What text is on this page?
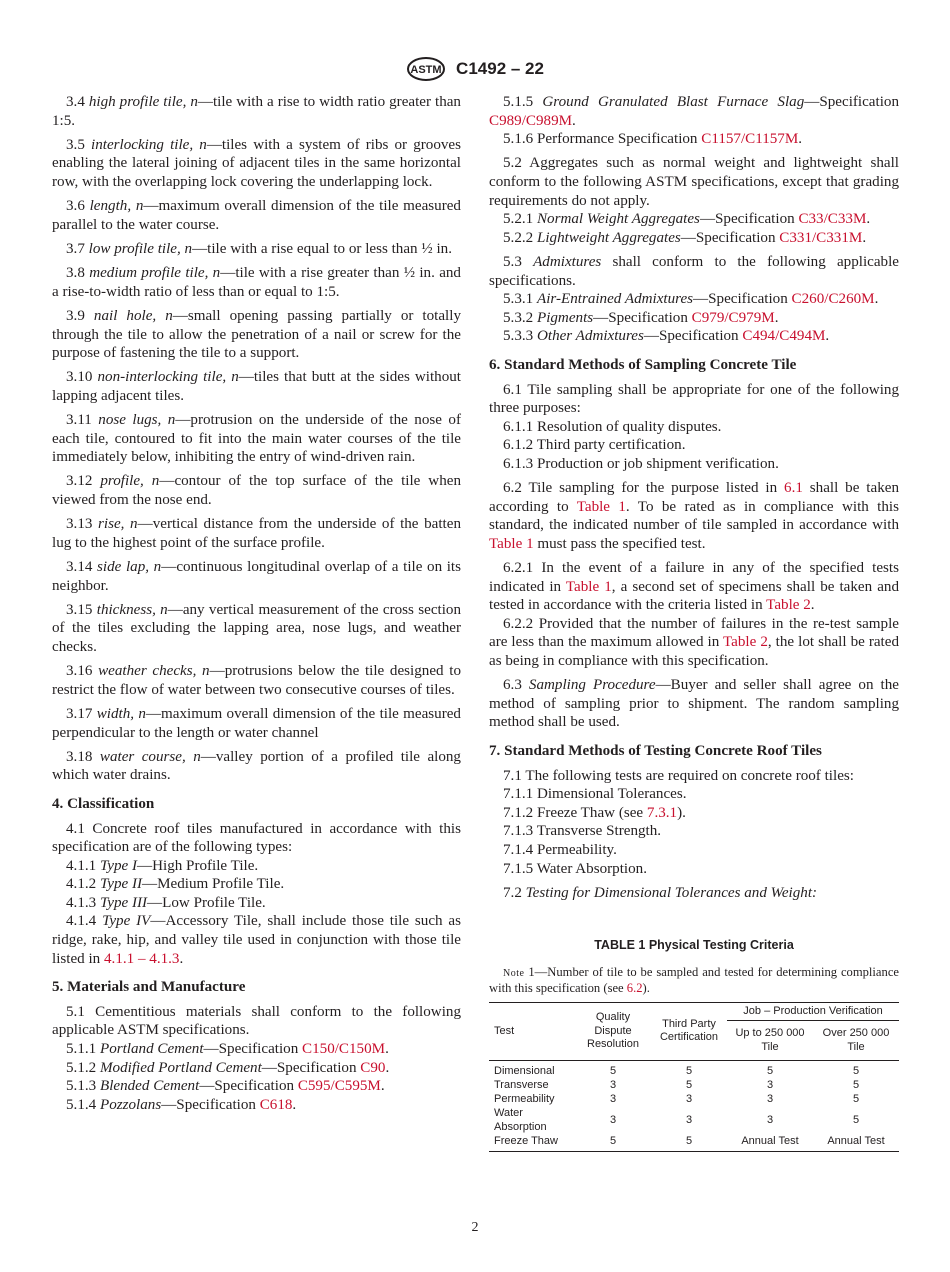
ASTM C1492 – 22

3.4 high profile tile, n—tile with a rise to width ratio greater than 1:5.

3.5 interlocking tile, n—tiles with a system of ribs or grooves enabling the lateral joining of adjacent tiles in the same horizontal row, with the overlapping lock covering the underlapping lock.

3.6 length, n—maximum overall dimension of the tile measured parallel to the water course.

3.7 low profile tile, n—tile with a rise equal to or less than ½ in.

3.8 medium profile tile, n—tile with a rise greater than ½ in. and a rise-to-width ratio of less than or equal to 1:5.

3.9 nail hole, n—small opening passing partially or totally through the tile to allow the penetration of a nail or screw for the purpose of fastening the tile to a support.

3.10 non-interlocking tile, n—tiles that butt at the sides without lapping adjacent tiles.

3.11 nose lugs, n—protrusion on the underside of the nose of each tile, contoured to fit into the main water courses of the tile immediately below, inhibiting the entry of wind-driven rain.

3.12 profile, n—contour of the top surface of the tile when viewed from the nose end.

3.13 rise, n—vertical distance from the underside of the batten lug to the highest point of the surface profile.

3.14 side lap, n—continuous longitudinal overlap of a tile on its neighbor.

3.15 thickness, n—any vertical measurement of the cross section of the tiles excluding the lapping area, nose lugs, and weather checks.

3.16 weather checks, n—protrusions below the tile designed to restrict the flow of water between two consecutive courses of tiles.

3.17 width, n—maximum overall dimension of the tile measured perpendicular to the length or water channel

3.18 water course, n—valley portion of a profiled tile along which water drains.

4. Classification

4.1 Concrete roof tiles manufactured in accordance with this specification are of the following types:

4.1.1 Type I—High Profile Tile.

4.1.2 Type II—Medium Profile Tile.

4.1.3 Type III—Low Profile Tile.

4.1.4 Type IV—Accessory Tile, shall include those tile such as ridge, rake, hip, and valley tile used in conjunction with those tile listed in 4.1.1 – 4.1.3.

5. Materials and Manufacture

5.1 Cementitious materials shall conform to the following applicable ASTM specifications.

5.1.1 Portland Cement—Specification C150/C150M.

5.1.2 Modified Portland Cement—Specification C90.

5.1.3 Blended Cement—Specification C595/C595M.

5.1.4 Pozzolans—Specification C618.

5.1.5 Ground Granulated Blast Furnace Slag—Specification C989/C989M.

5.1.6 Performance Specification C1157/C1157M.

5.2 Aggregates such as normal weight and lightweight shall conform to the following ASTM specifications, except that grading requirements do not apply.

5.2.1 Normal Weight Aggregates—Specification C33/C33M.

5.2.2 Lightweight Aggregates—Specification C331/C331M.

5.3 Admixtures shall conform to the following applicable specifications.

5.3.1 Air-Entrained Admixtures—Specification C260/C260M.

5.3.2 Pigments—Specification C979/C979M.

5.3.3 Other Admixtures—Specification C494/C494M.

6. Standard Methods of Sampling Concrete Tile

6.1 Tile sampling shall be appropriate for one of the following three purposes:

6.1.1 Resolution of quality disputes.

6.1.2 Third party certification.

6.1.3 Production or job shipment verification.

6.2 Tile sampling for the purpose listed in 6.1 shall be taken according to Table 1. To be rated as in compliance with this standard, the indicated number of tile sampled in accordance with Table 1 must pass the specified test.

6.2.1 In the event of a failure in any of the specified tests indicated in Table 1, a second set of specimens shall be taken and tested in accordance with the criteria listed in Table 2.

6.2.2 Provided that the number of failures in the re-test sample are less than the maximum allowed in Table 2, the lot shall be rated as being in compliance with this specification.

6.3 Sampling Procedure—Buyer and seller shall agree on the method of sampling prior to shipment. The random sampling method shall be used.

7. Standard Methods of Testing Concrete Roof Tiles

7.1 The following tests are required on concrete roof tiles:

7.1.1 Dimensional Tolerances.

7.1.2 Freeze Thaw (see 7.3.1).

7.1.3 Transverse Strength.

7.1.4 Permeability.

7.1.5 Water Absorption.

7.2 Testing for Dimensional Tolerances and Weight:

TABLE 1 Physical Testing Criteria

Note 1—Number of tile to be sampled and tested for determining compliance with this specification (see 6.2).

Test	Quality Dispute Resolution	Third Party Certification	Job – Production Verification	
			Up to 250 000 Tile	Over 250 000 Tile
Dimensional	5	5	5	5
Transverse	3	5	3	5
Permeability	3	3	3	5
Water Absorption	3	3	3	5
Freeze Thaw	5	5	Annual Test	Annual Test
2
